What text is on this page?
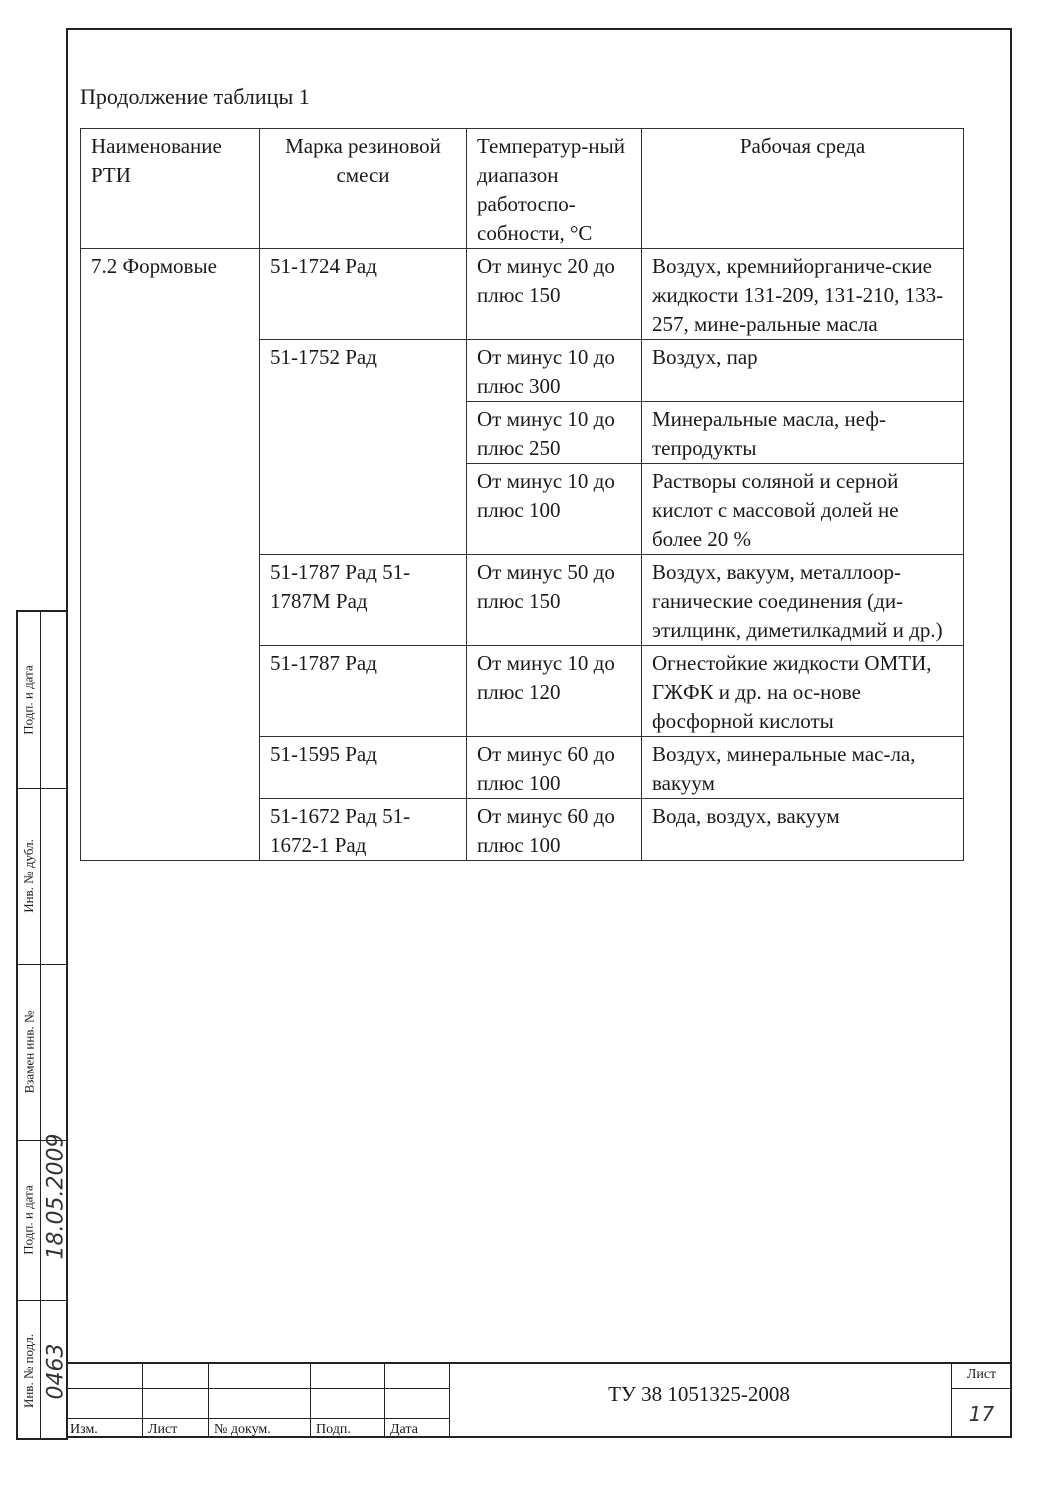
Продолжение таблицы 1
Наименование РТИ	Марка резиновой смеси	Температур-ный диапазон работоспо-собности, °C	Рабочая среда
7.2 Формовые	51-1724 Рад	От минус 20 до плюс 150	Воздух, кремнийорганиче-ские жидкости 131-209, 131-210, 133-257, мине-ральные масла
	51-1752 Рад	От минус 10 до плюс 300	Воздух, пар
		От минус 10 до плюс 250	Минеральные масла, неф-тепродукты
		От минус 10 до плюс 100	Растворы соляной и серной кислот с массовой долей не более 20 %
	51-1787 Рад 51-1787М Рад	От минус 50 до плюс 150	Воздух, вакуум, металлоор-ганические соединения (ди-этилцинк, диметилкадмий и др.)
	51-1787 Рад	От минус 10 до плюс 120	Огнестойкие жидкости ОМТИ, ГЖФК и др. на ос-нове фосфорной кислоты
	51-1595 Рад	От минус 60 до плюс 100	Воздух, минеральные мас-ла, вакуум
	51-1672 Рад 51-1672-1 Рад	От минус 60 до плюс 100	Вода, воздух, вакуум
Подп. и дата
Инв. № дубл.
Взамен инв. №
Подп. и дата
Инв. № подл.
18.05.2009
0463
Изм.	Лист	№ докум.	Подп.	Дата
ТУ 38 1051325-2008
Лист
17
